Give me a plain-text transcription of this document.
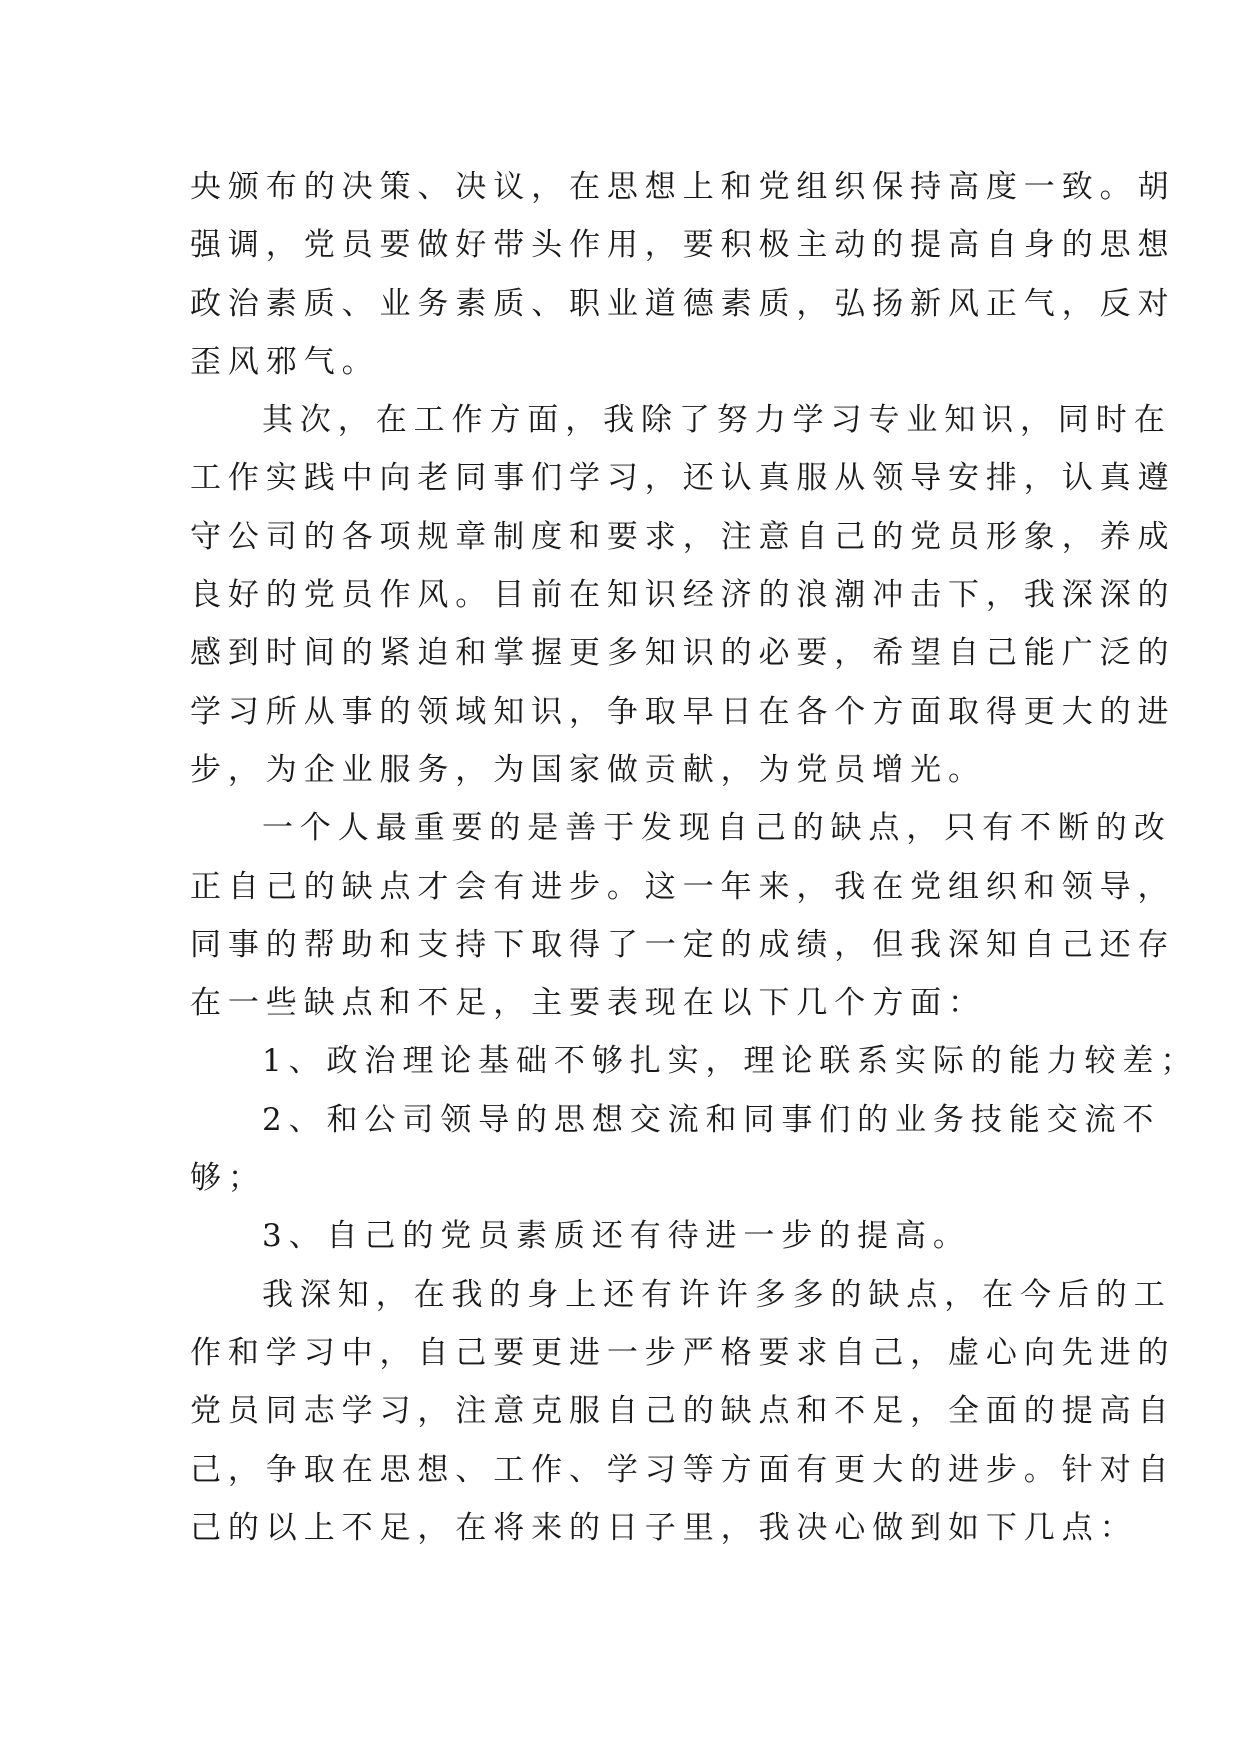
央颁布的决策、决议，在思想上和党组织保持高度一致。胡
强调，党员要做好带头作用，要积极主动的提高自身的思想
政治素质、业务素质、职业道德素质，弘扬新风正气，反对
歪风邪气。
其次，在工作方面，我除了努力学习专业知识，同时在
工作实践中向老同事们学习，还认真服从领导安排，认真遵
守公司的各项规章制度和要求，注意自己的党员形象，养成
良好的党员作风。目前在知识经济的浪潮冲击下，我深深的
感到时间的紧迫和掌握更多知识的必要，希望自己能广泛的
学习所从事的领域知识，争取早日在各个方面取得更大的进
步，为企业服务，为国家做贡献，为党员增光。
一个人最重要的是善于发现自己的缺点，只有不断的改
正自己的缺点才会有进步。这一年来，我在党组织和领导，
同事的帮助和支持下取得了一定的成绩，但我深知自己还存
在一些缺点和不足，主要表现在以下几个方面：
1、政治理论基础不够扎实，理论联系实际的能力较差；
2、和公司领导的思想交流和同事们的业务技能交流不
够；
3、自己的党员素质还有待进一步的提高。
我深知，在我的身上还有许许多多的缺点，在今后的工
作和学习中，自己要更进一步严格要求自己，虚心向先进的
党员同志学习，注意克服自己的缺点和不足，全面的提高自
己，争取在思想、工作、学习等方面有更大的进步。针对自
己的以上不足，在将来的日子里，我决心做到如下几点：
